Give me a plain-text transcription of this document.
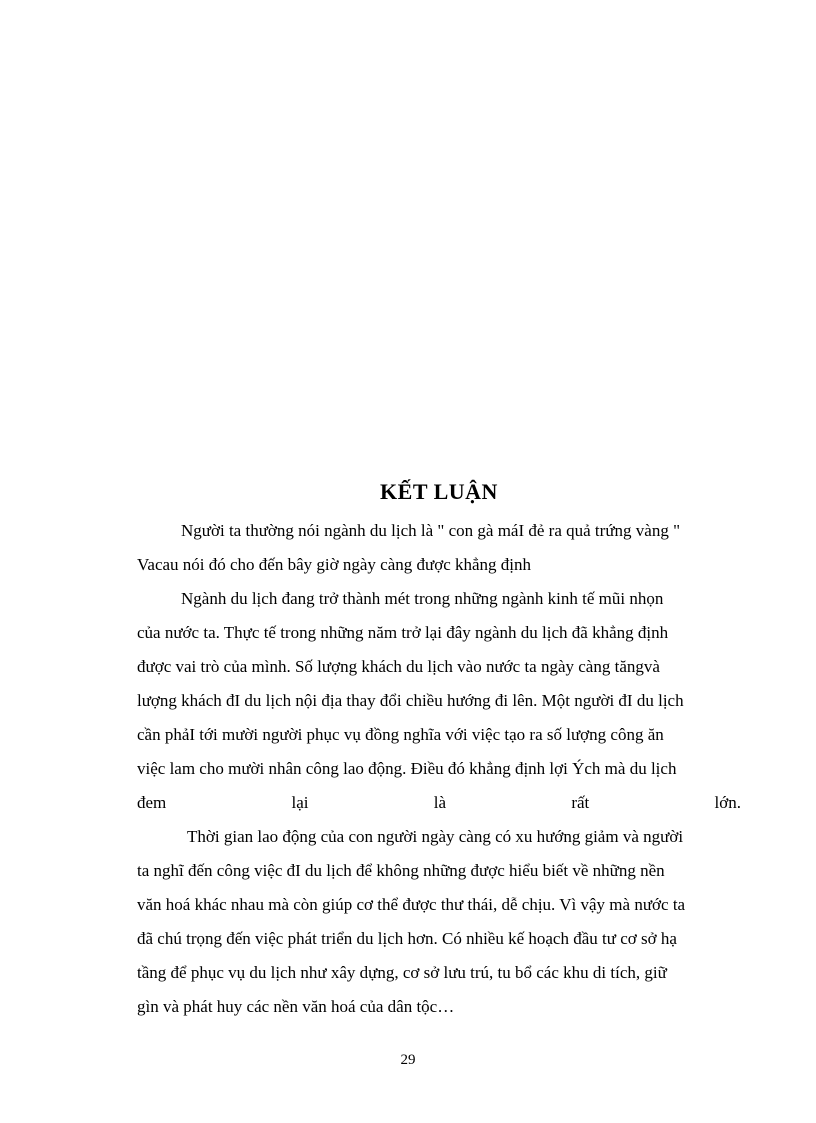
KẾT LUẬN

Người ta thường nói ngành du lịch là " con gà máI đẻ ra quả trứng vàng "
Vacau nói đó cho đến bây giờ ngày càng được khẳng định

Ngành du lịch đang trở thành mét trong những ngành kinh tế mũi nhọn
của nước ta. Thực tế trong những năm trở lại đây ngành du lịch đã khẳng định
được vai trò của mình. Số lượng khách du lịch vào nước ta ngày càng tăngvà
lượng khách đI du lịch nội địa thay đổi chiều hướng đi lên. Một người đI du lịch
cần phảI tới mười người phục vụ đồng nghĩa với việc tạo ra số lượng công ăn
việc lam cho mười nhân công lao động. Điều đó khẳng định lợi Ých mà du lịch
đem	lại	là	rất	lớn.

Thời gian lao động của con người ngày càng có xu hướng giảm và người
ta nghĩ đến công việc đI du lịch để không những được hiểu biết về những nền
văn hoá khác nhau mà còn giúp cơ thể được thư thái, dễ chịu. Vì vậy mà nước ta
đã chú trọng đến việc phát triển du lịch hơn. Có nhiều kế hoạch đầu tư cơ sở hạ
tầng để phục vụ du lịch như xây dựng, cơ sở lưu trú, tu bổ các khu di tích, giữ
gìn và phát huy các nền văn hoá của dân tộc…

29
